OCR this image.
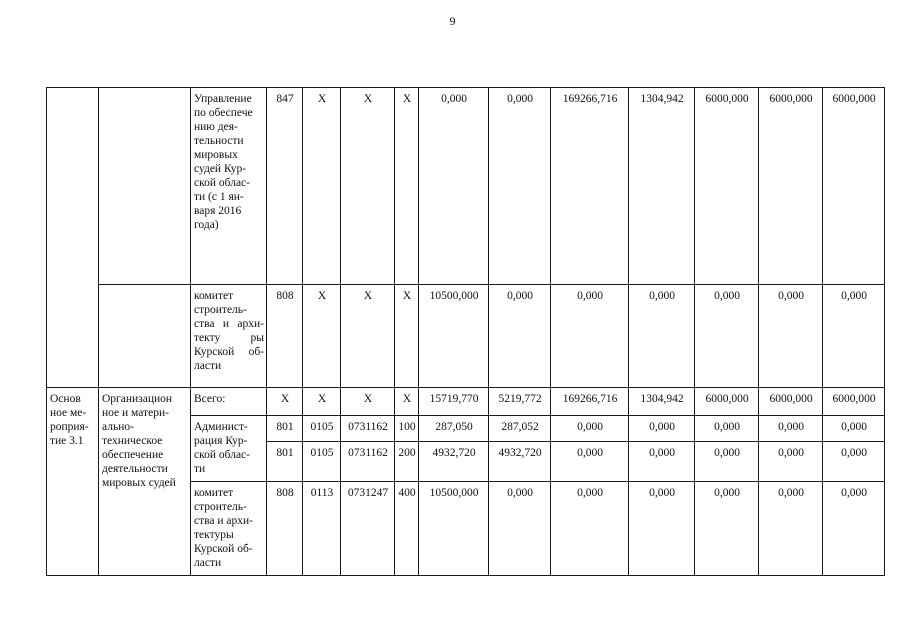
9
		Управление по обеспече нию дея- тельности мировых судей Кур- ской облас- ти (с 1 ян- варя 2016 года)	847	X	X	X	0,000	0,000	169266,716	1304,942	6000,000	6000,000	6000,000
		комитет строитель- ства и архи- текту ры Курской об- ласти	808	X	X	X	10500,000	0,000	0,000	0,000	0,000	0,000	0,000
Основ ное ме- роприя- тие 3.1	Организацион ное и матери- ально- техническое обеспечение деятельности мировых судей	Всего:	X	X	X	X	15719,770	5219,772	169266,716	1304,942	6000,000	6000,000	6000,000
		Админист- рация Кур- ской облас- ти	801	0105	0731162	100	287,050	287,052	0,000	0,000	0,000	0,000	0,000
			801	0105	0731162	200	4932,720	4932,720	0,000	0,000	0,000	0,000	0,000
		комитет строитель- ства и архи- тектуры Курской об- ласти	808	0113	0731247	400	10500,000	0,000	0,000	0,000	0,000	0,000	0,000
